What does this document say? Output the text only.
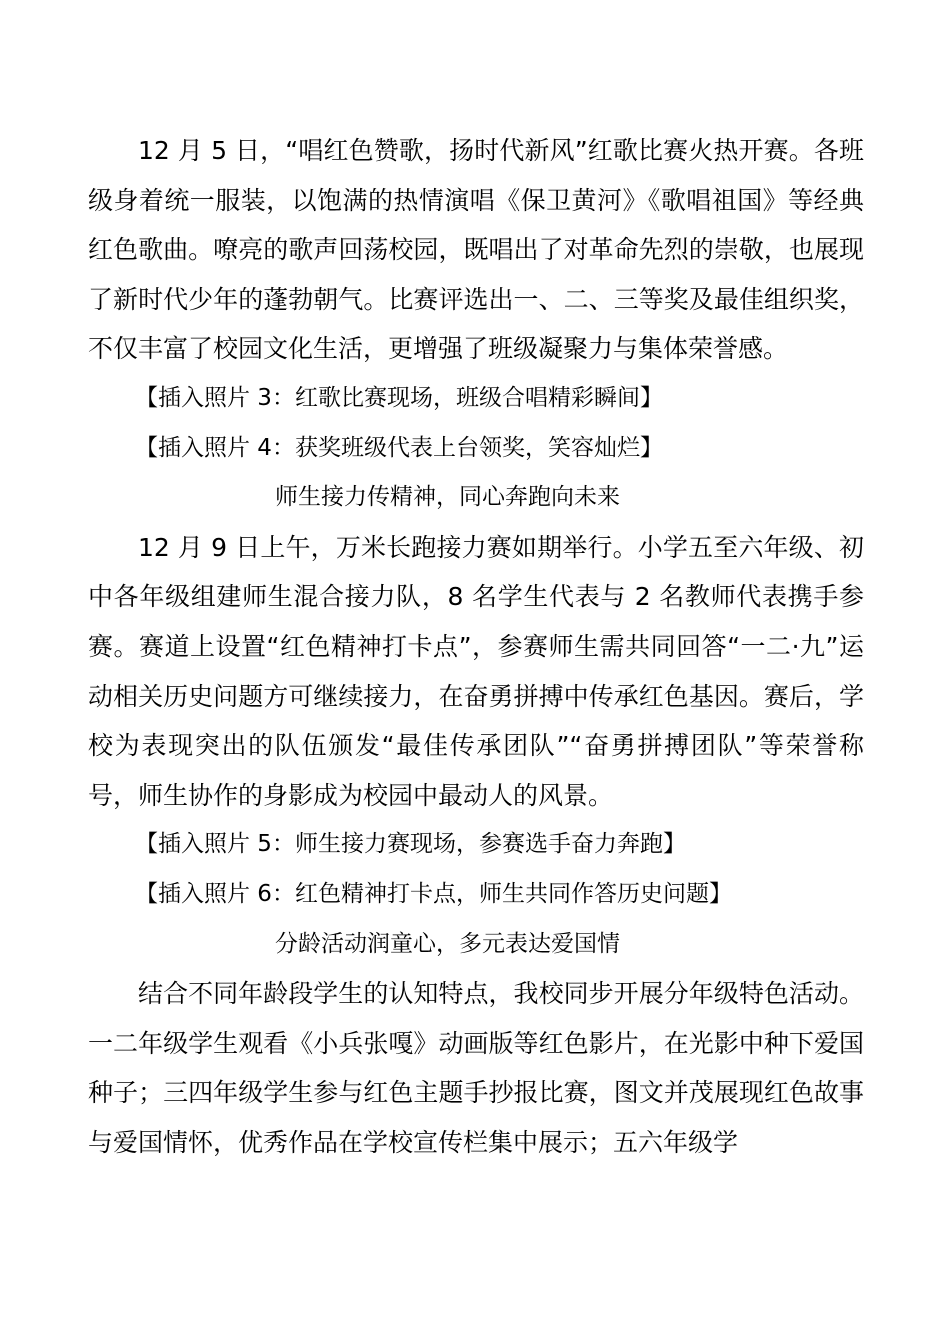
12 月 5 日，“唱红色赞歌，扬时代新风”红歌比赛火热开赛。各班级身着统一服装，以饱满的热情演唱《保卫黄河》《歌唱祖国》等经典红色歌曲。嘹亮的歌声回荡校园，既唱出了对革命先烈的崇敬，也展现了新时代少年的蓬勃朝气。比赛评选出一、二、三等奖及最佳组织奖，不仅丰富了校园文化生活，更增强了班级凝聚力与集体荣誉感。

【插入照片 3：红歌比赛现场，班级合唱精彩瞬间】

【插入照片 4：获奖班级代表上台领奖，笑容灿烂】

师生接力传精神，同心奔跑向未来

12 月 9 日上午，万米长跑接力赛如期举行。小学五至六年级、初中各年级组建师生混合接力队，8 名学生代表与 2 名教师代表携手参赛。赛道上设置“红色精神打卡点”，参赛师生需共同回答“一二·九”运动相关历史问题方可继续接力，在奋勇拼搏中传承红色基因。赛后，学校为表现突出的队伍颁发“最佳传承团队”“奋勇拼搏团队”等荣誉称号，师生协作的身影成为校园中最动人的风景。

【插入照片 5：师生接力赛现场，参赛选手奋力奔跑】

【插入照片 6：红色精神打卡点，师生共同作答历史问题】

分龄活动润童心，多元表达爱国情

结合不同年龄段学生的认知特点，我校同步开展分年级特色活动。一二年级学生观看《小兵张嘎》动画版等红色影片，在光影中种下爱国种子；三四年级学生参与红色主题手抄报比赛，图文并茂展现红色故事与爱国情怀，优秀作品在学校宣传栏集中展示；五六年级学
